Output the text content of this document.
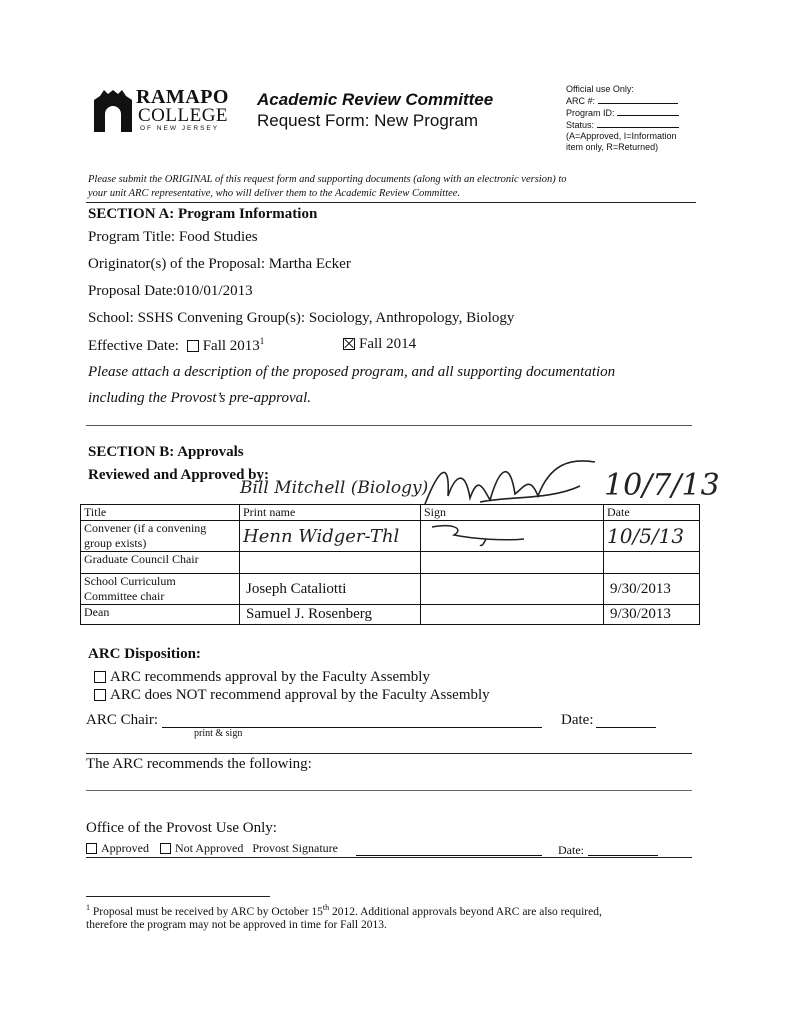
RAMAPO
COLLEGE
OF NEW JERSEY
Academic Review Committee
Request Form: New Program
Official use Only:
ARC #:
Program ID:
Status:
(A=Approved, I=Information
item only, R=Returned)
Please submit the ORIGINAL of this request form and supporting documents (along with an electronic version) to
your unit ARC representative, who will deliver them to the Academic Review Committee.
SECTION A: Program Information
Program Title: Food Studies
Originator(s) of the Proposal: Martha Ecker
Proposal Date:010/01/2013
School: SSHS Convening Group(s): Sociology, Anthropology, Biology
Effective Date: Fall 2013$^1$	Fall 2014
Please attach a description of the proposed program, and all supporting documentation
including the Provost’s pre-approval.
SECTION B: Approvals
Reviewed and Approved by:
Bill Mitchell (Biology)	10/7/13
Title	Print name	Sign	Date

Convener (if a convening
group exists)	Henn Widger-Thl		10/5/13

Graduate Council Chair			

School Curriculum
Committee chair	Joseph Cataliotti		9/30/2013

Dean	Samuel J. Rosenberg		9/30/2013
ARC Disposition:
ARC recommends approval by the Faculty Assembly
ARC does NOT recommend approval by the Faculty Assembly
ARC Chair:
print & sign
Date:
The ARC recommends the following:
Office of the Provost Use Only:
Approved Not Approved Provost Signature	Date:
$^1$ Proposal must be received by ARC by October 15th 2012. Additional approvals beyond ARC are also required,
therefore the program may not be approved in time for Fall 2013.
